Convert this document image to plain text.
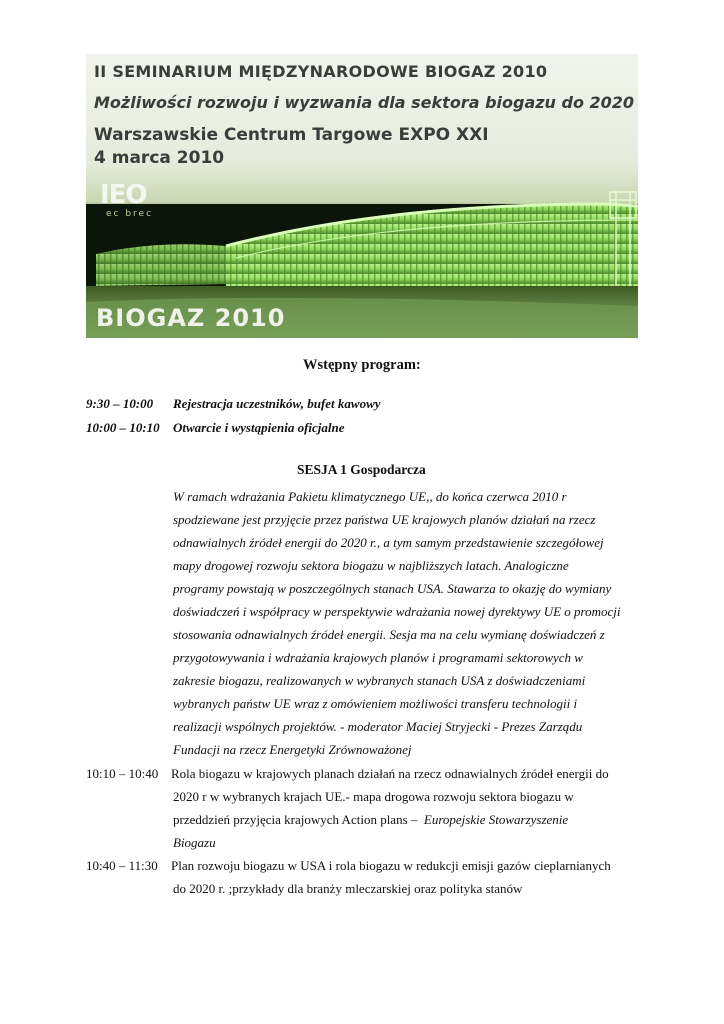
II SEMINARIUM MIĘDZYNARODOWE BIOGAZ 2010
Możliwości rozwoju i wyzwania dla sektora biogazu do 2020
Warszawskie Centrum Targowe EXPO XXI
4 marca 2010
IEO
ec brec
BIOGAZ 2010
Wstępny program:
9:30 – 10:00 Rejestracja uczestników, bufet kawowy
10:00 – 10:10 Otwarcie i wystąpienia oficjalne
SESJA 1 Gospodarcza
W ramach wdrażania Pakietu klimatycznego UE,, do końca czerwca 2010 r
spodziewane jest przyjęcie przez państwa UE krajowych planów działań na rzecz
odnawialnych źródeł energii do 2020 r., a tym samym przedstawienie szczegółowej
mapy drogowej rozwoju sektora biogazu w najbliższych latach. Analogiczne
programy powstają w poszczególnych stanach USA. Stawarza to okazję do wymiany
doświadczeń i współpracy w perspektywie wdrażania nowej dyrektywy UE o promocji
stosowania odnawialnych źródeł energii. Sesja ma na celu wymianę doświadczeń z
przygotowywania i wdrażania krajowych planów i programami sektorowych w
zakresie biogazu, realizowanych w wybranych stanach USA z doświadczeniami
wybranych państw UE wraz z omówieniem możliwości transferu technologii i
realizacji wspólnych projektów. - moderator Maciej Stryjecki - Prezes Zarządu
Fundacji na rzecz Energetyki Zrównoważonej
10:10 – 10:40 Rola biogazu w krajowych planach działań na rzecz odnawialnych źródeł energii do
2020 r w wybranych krajach UE.- mapa drogowa rozwoju sektora biogazu w
przeddzień przyjęcia krajowych Action plans – Europejskie Stowarzyszenie
Biogazu
10:40 – 11:30 Plan rozwoju biogazu w USA i rola biogazu w redukcji emisji gazów cieplarnianych
do 2020 r. ;przykłady dla branży mleczarskiej oraz polityka stanów
